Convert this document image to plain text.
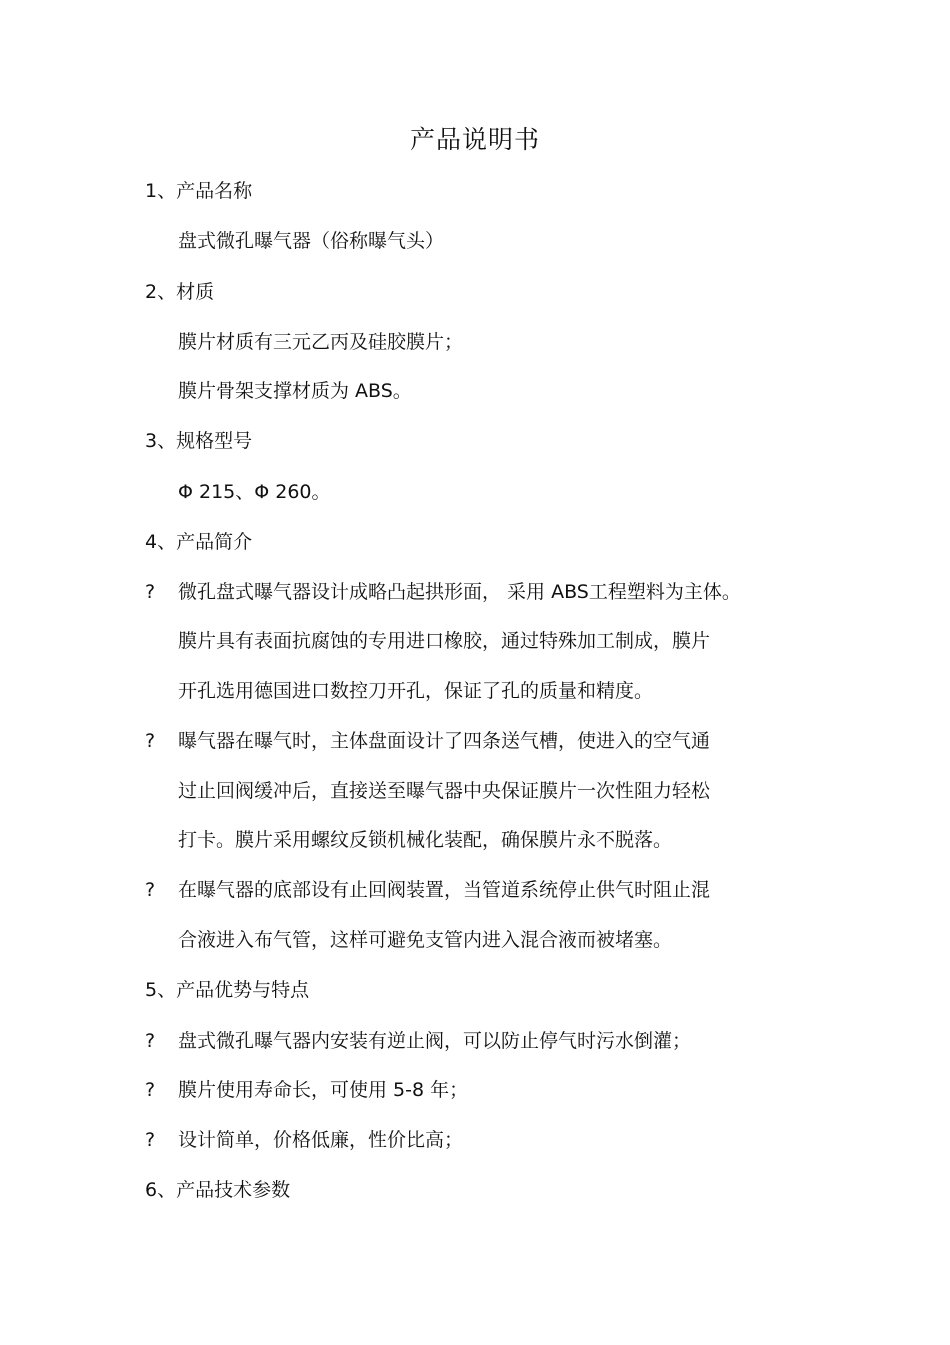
产品说明书
1、产品名称
盘式微孔曝气器（俗称曝气头）
2、材质
膜片材质有三元乙丙及硅胶膜片；
膜片骨架支撑材质为 ABS。
3、规格型号
Φ 215、Φ 260。
4、产品简介
? 微孔盘式曝气器设计成略凸起拱形面， 采用 ABS工程塑料为主体。
膜片具有表面抗腐蚀的专用进口橡胶，通过特殊加工制成，膜片
开孔选用德国进口数控刀开孔，保证了孔的质量和精度。
? 曝气器在曝气时，主体盘面设计了四条送气槽，使进入的空气通
过止回阀缓冲后，直接送至曝气器中央保证膜片一次性阻力轻松
打卡。膜片采用螺纹反锁机械化装配，确保膜片永不脱落。
? 在曝气器的底部设有止回阀装置，当管道系统停止供气时阻止混
合液进入布气管，这样可避免支管内进入混合液而被堵塞。
5、产品优势与特点
? 盘式微孔曝气器内安装有逆止阀，可以防止停气时污水倒灌；
? 膜片使用寿命长，可使用 5-8 年；
? 设计简单，价格低廉，性价比高；
6、产品技术参数
